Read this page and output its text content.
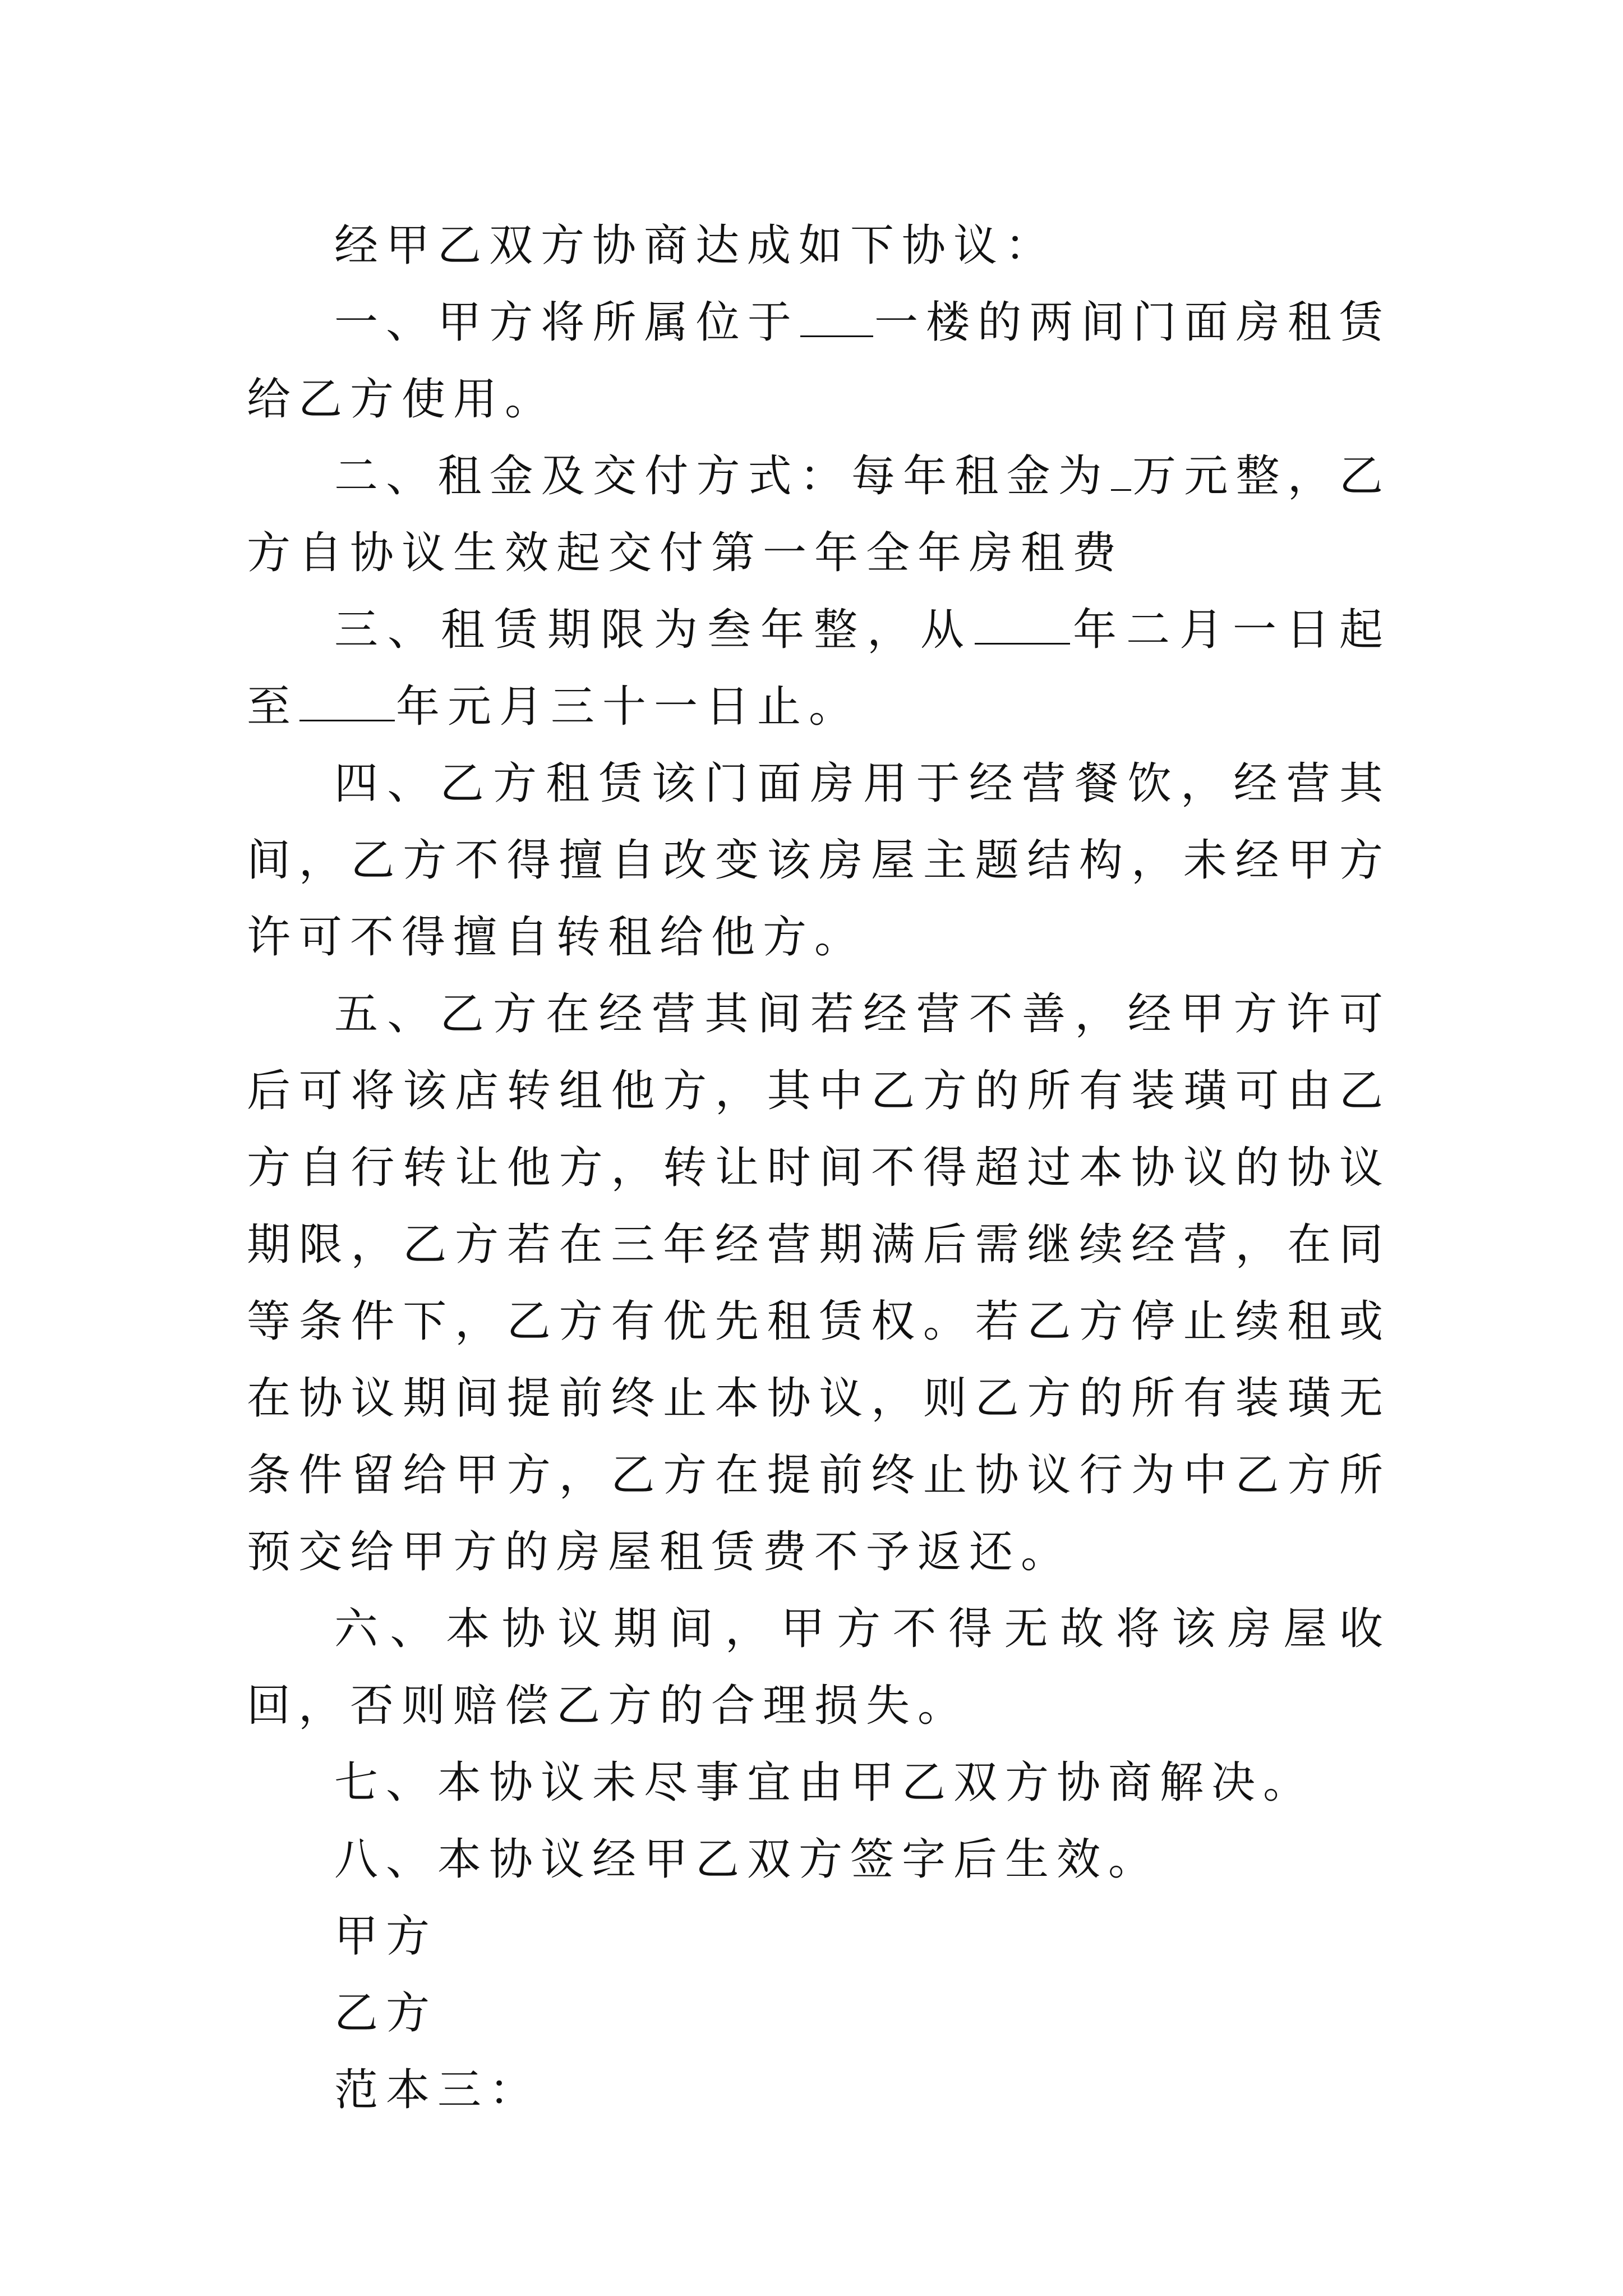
经甲乙双方协商达成如下协议：

一、甲方将所属位于 一楼的两间门面房租赁给乙方使用。

二、租金及交付方式：每年租金为 万元整，乙方自协议生效起交付第一年全年房租费

三、租赁期限为叁年整，从 年二月一日起至 年元月三十一日止。

四、乙方租赁该门面房用于经营餐饮，经营其间，乙方不得擅自改变该房屋主题结构，未经甲方许可不得擅自转租给他方。

五、乙方在经营其间若经营不善，经甲方许可后可将该店转组他方，其中乙方的所有装璜可由乙方自行转让他方，转让时间不得超过本协议的协议期限，乙方若在三年经营期满后需继续经营，在同等条件下，乙方有优先租赁权。若乙方停止续租或在协议期间提前终止本协议，则乙方的所有装璜无条件留给甲方，乙方在提前终止协议行为中乙方所预交给甲方的房屋租赁费不予返还。

六、本协议期间，甲方不得无故将该房屋收回，否则赔偿乙方的合理损失。

七、本协议未尽事宜由甲乙双方协商解决。

八、本协议经甲乙双方签字后生效。

甲方

乙方

范本三：
